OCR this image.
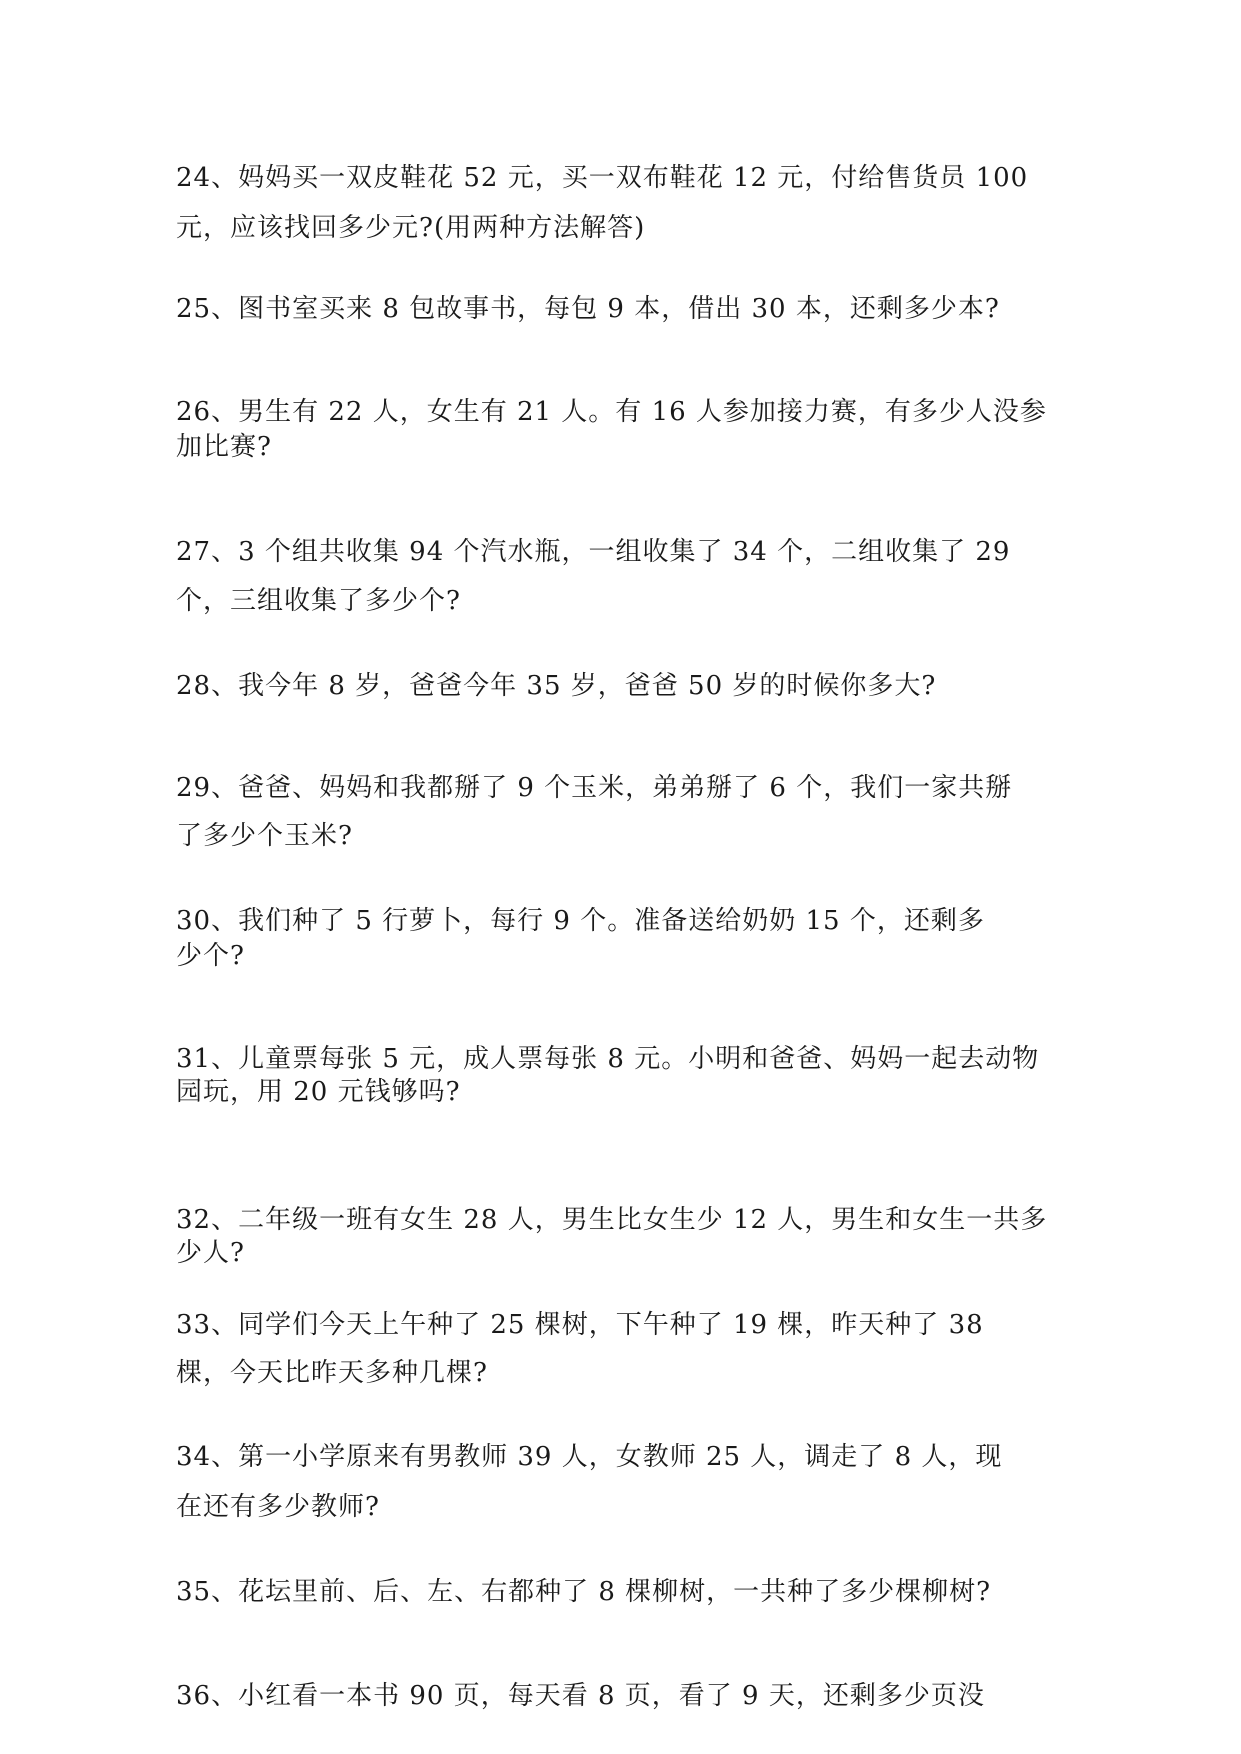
24、妈妈买一双皮鞋花 52 元，买一双布鞋花 12 元，付给售货员 100
元，应该找回多少元?(用两种方法解答)
25、图书室买来 8 包故事书，每包 9 本，借出 30 本，还剩多少本?
26、男生有 22 人，女生有 21 人。有 16 人参加接力赛，有多少人没参
加比赛?
27、3 个组共收集 94 个汽水瓶，一组收集了 34 个，二组收集了 29
个，三组收集了多少个?
28、我今年 8 岁，爸爸今年 35 岁，爸爸 50 岁的时候你多大?
29、爸爸、妈妈和我都掰了 9 个玉米，弟弟掰了 6 个，我们一家共掰
了多少个玉米?
30、我们种了 5 行萝卜，每行 9 个。准备送给奶奶 15 个，还剩多
少个?
31、儿童票每张 5 元，成人票每张 8 元。小明和爸爸、妈妈一起去动物
园玩，用 20 元钱够吗?
32、二年级一班有女生 28 人，男生比女生少 12 人，男生和女生一共多
少人?
33、同学们今天上午种了 25 棵树，下午种了 19 棵，昨天种了 38
棵，今天比昨天多种几棵?
34、第一小学原来有男教师 39 人，女教师 25 人，调走了 8 人，现
在还有多少教师?
35、花坛里前、后、左、右都种了 8 棵柳树，一共种了多少棵柳树?
36、小红看一本书 90 页，每天看 8 页，看了 9 天，还剩多少页没
